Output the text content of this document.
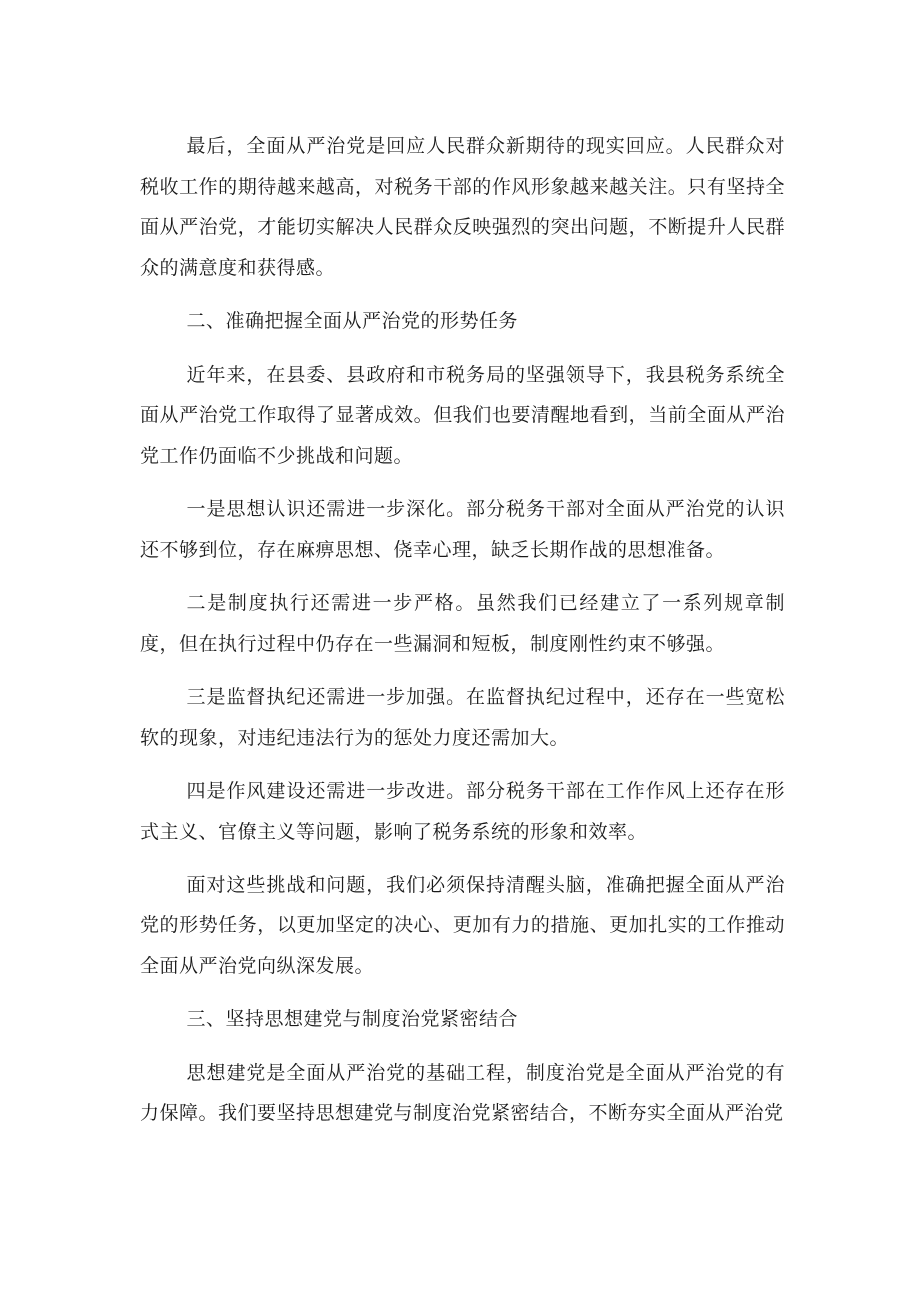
最后，全面从严治党是回应人民群众新期待的现实回应。人民群众对税收工作的期待越来越高，对税务干部的作风形象越来越关注。只有坚持全面从严治党，才能切实解决人民群众反映强烈的突出问题，不断提升人民群众的满意度和获得感。

二、准确把握全面从严治党的形势任务

近年来，在县委、县政府和市税务局的坚强领导下，我县税务系统全面从严治党工作取得了显著成效。但我们也要清醒地看到，当前全面从严治党工作仍面临不少挑战和问题。

一是思想认识还需进一步深化。部分税务干部对全面从严治党的认识还不够到位，存在麻痹思想、侥幸心理，缺乏长期作战的思想准备。

二是制度执行还需进一步严格。虽然我们已经建立了一系列规章制度，但在执行过程中仍存在一些漏洞和短板，制度刚性约束不够强。

三是监督执纪还需进一步加强。在监督执纪过程中，还存在一些宽松软的现象，对违纪违法行为的惩处力度还需加大。

四是作风建设还需进一步改进。部分税务干部在工作作风上还存在形式主义、官僚主义等问题，影响了税务系统的形象和效率。

面对这些挑战和问题，我们必须保持清醒头脑，准确把握全面从严治党的形势任务，以更加坚定的决心、更加有力的措施、更加扎实的工作推动全面从严治党向纵深发展。

三、坚持思想建党与制度治党紧密结合

思想建党是全面从严治党的基础工程，制度治党是全面从严治党的有力保障。我们要坚持思想建党与制度治党紧密结合，不断夯实全面从严治党
